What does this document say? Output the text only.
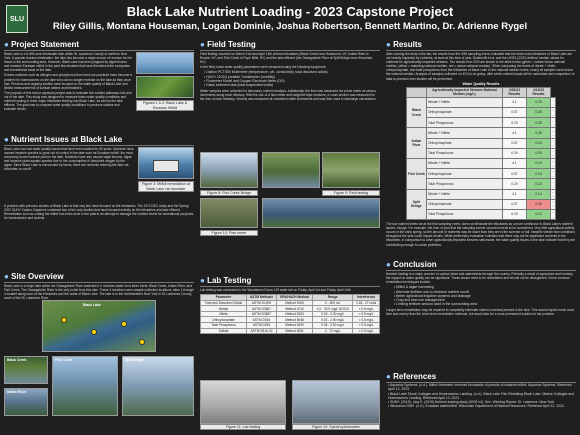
SLU	Black Lake Nutrient Loading - 2023 Capstone Project
Riley Gillis, Montana Houseman, Logan Dominie, Joshua Robertson, Bennett Martino, Dr. Adrienne Rygel
● Project Statement

Black Lake is a 6,549-acre freshwater lake within St. Lawrence County of northern New York. A popular tourism destination, the lake has become a major source of revenue for the towns in the surrounding area. However, Black Lake has been plagued by algal blooms and invasive Eurasian milfoil in the past few decades that have threatened the ecosystem and recreational value of the lake.

Excess nutrients such as nitrogen and phosphorus from land use practices have become a problem for homeowners on the lake who can no longer recreate on the lake as they once had. Previous and ongoing studies have focused on the water quality of Black Lake and limited measurements of surface waters and tributaries.

The purpose of this senior capstone project was to evaluate the nutrient pathways into and out of the lake. This study was designed to measure basic water quality conditions and nutrient loading in three major tributaries feeding into Black Lake, as well as the lake effluent. The goal was to compare water quality conditions to previous studies and evaluate trends.

Figures 1 & 2: Black Lake & Eurasian Milfoil
● Nutrient Issues at Black Lake

Black Lake has had water quality issues that have been studied for 50 years. Nutrients have caused invasive species to grow out of control in the lake such as Eurasian milfoil, the most commonly found invasive plant in the lake. Nutrients have also caused algal blooms. Algae and invasive plant aquatic species due to the consumption of dissolved oxygen by the algae. Since Black Lake is surrounded by farms, there are nutrients entering the lake via tributaries or runoff.

Figure 3: Milfoil remediation at Black Lake via harvester

A problem with previous studies of Black Lake is that very few have focused on the tributaries. The 1972 DEC study and the Spring 2022 SUNY Canton Capstone contained two of the only studies that have focused entirely on the tributaries and lake effluent. Remediation such as cutting the milfoil has been done in the past in an attempt to manage the nutrient levels for recreational purposes for homeowners and tourists.

● Site Overview

Black Lake is a major lake within the Oswegatchie River watershed. It receives water from three inlets: Black Creek, Indian River, and Fish Creek. The Oswegatchie River is the only outlet from this lake. These 4 locations were sample collection locations, sites 1 through 4 located along each of the tributaries and the outlet of Black Lake. The lake is in the Northwestern New York in St. Lawrence County, south of the St. Lawrence River.

Black Lake
Black Creek
Indian River
Fish Creek	Split Bridge
● Field Testing

Field testing occurred on March 31st and April 13th at three tributaries (Black Creek near Hammond, NY; Indian River in Rossie, NY; and Fish Creek in Pope Mills, NY) and the lake effluent (the Oswegatchie River at Split Bridge near Heuvelton, NY).

In the field, basic water quality parameters were measured using the following equipment:

• Oakton PCTS50 Multimeter (temperature, pH, conductivity, total dissolved solids)
• HACH 2100Q portable Turbidimeter (turbidity)
• Flowmeter Model and Oxygen Electrode Meter (DO)
• Glass sediment disk (total suspended solids)

Water samples were collected for laboratory nutrient analysis. Additionally, the flow was measured via a flow meter at various increments along each tributary. With the use of a flow meter and weighted tape measure, a cross section was measured for the flow of each tributary. Velocity was measured at consistent width increments and was then used in discharge calculations.

Figure 8: Fish Creek Bridge	Figure 9: Field testing
Figure 10: Flow meter
● Lab Testing

Lab testing was conducted in the Woodstrom Room 119 water lab on Friday, April 1st and Friday, April 14th.

Parameter	ASTM Methods	EPA/HACH Method	Range	Interference
Total and Dissolved Solids	ASTM D1209	Method 9105	0 - 500 mL	0.18 - 27 units
Nitrate	ASTM D3867	Method 1010	0.2 - 30.0 mg/L NO3-N	< 0.5 mg/L
Nitrite	ASTM D3867	Method 8153	0.03 - 0.30 mg/L	< 0.5 mg/L
Orthophosphate	ASTM D515	Method 8048	0.02 - 2.50 mg/L	< 0.5 mg/L
Total Phosphorus	ASTM D515	Method 8190	0.06 - 3.50 mg/L	< 0.5 mg/L
Sulfate	ASTM D516-02	Method 8051	2 - 70 mg/L	< 0.5 mg/L
Figure 11: Lab testing	Figure 12: Spectrophotometer
● Results

After running the tests in the lab, the results from the 3/30 sampling event, indicated that the three main tributaries of Black Lake are not heavily impacted by nutrients, at least at this time of year. Buttermilk et al. and the USGS (2020) defined median values for nutrients for agriculturally impacted streams. The results from 3/30 are shown in the table below (green = values below national median, yellow = matching national median, red = above national median). When comparing the levels of nitrate + nitrite, orthophosphate, and total phosphorus from the tributaries of Black Lake to the national median levels, nearly all samples were below the national median. Analysis of samples collected on 4/13 is on-going, after which nutrient loads will be calculated and comparison of data to previous river studies will be performed.

Water Quality Results
	Agriculturally Impacted Streams National Median (mg/L)	3/30/23 Results	4/13/23 Results	
Black Creek	Nitrate + Nitrite	4.1	0.29	--
	Orthophosphate	0.07	0.05	--
	Total Phosphorus	0.19	0.08	--
Indian River	Nitrate + Nitrite	4.1	0.26	--
	Orthophosphate	0.07	0.03	--
	Total Phosphorus	0.19	0.05	--
Fish Creek	Nitrate + Nitrite	4.1	0.19	--
	Orthophosphate	0.07	0.04	--
	Total Phosphorus	0.19	0.10	--
Split Bridge	Nitrate + Nitrite	4.1	0.14	--
	Orthophosphate	0.07	0.08	--
	Total Phosphorus	0.19	0.12	--

The low nutrient levels we at the first sampling event, does not eliminate the tributaries as a more contributor to Black Lake's nutrient issues, though. For example, the time of year that the sampling events occurred needs to be considered. Very little agricultural activity occurs in the early spring, so the amount of nutrients may be lower than they are in the summer or fall. Variable stream flow conditions throughout the year could impact results. While preliminary evaluation indicates that there may not be significant nutrients in the tributaries, in comparison to other agriculturally impacted streams nationwide, the water quality issues in the lake indicate that they are contributing enough to cause problems.

● Conclusion

Nutrient loading is a major concern in various lakes and watersheds through the country. Primarily a result of agriculture and industry, the impact on water quality can be significant. These issues need to be remediated and should not be disregarded. Some common remediation techniques include:

• Milfoil & algae harvesting
• Alternate fertilizer use to minimize nutrient runoff
• Better agricultural irrigation systems and drainage
• Crop and land use management
• Limiting fertilizer amount used in the surrounding area

Longer-term remediation may be required to completely eliminate nutrient overload present in the lake. This would require much more time and money than the short-term remediation methods, but would also be a more permanent solution to the problem.

● References
• Aquarius Systems. (n.d.). Milfoil Harvester removes thousands of pounds of invasive milfoil. Aquarius Systems. Retrieved April 12, 2023.
• Black Lake Shore Cottages and Homeowners Landing. (n.d.). Black Lake Fish Revisiting Black Lake. Marine Cottages and Homeowners Landing. Retrieved April 12, 2023.
• SUNY. (2019). Ling S. (2019) Nutrient loading study (2009 v4). Sex. Winning Report. St. Lawrence, New York.
• Wisconsin DNR. (n.d.). Eurasian watermilfoil. Wisconsin Department of Natural Resources. Retrieved April 12, 2023.
